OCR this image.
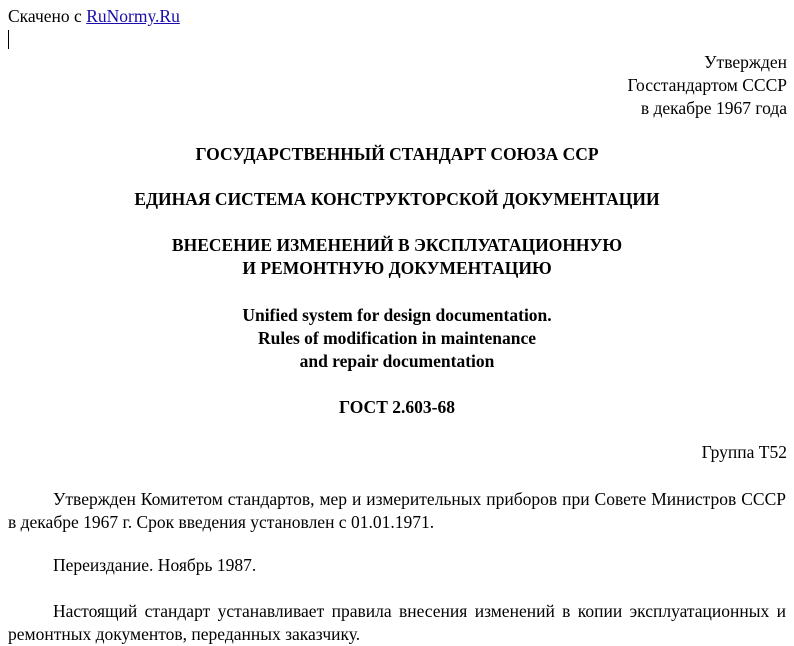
Скачено с RuNormy.Ru
Утвержден
Госстандартом СССР
в декабре 1967 года
ГОСУДАРСТВЕННЫЙ СТАНДАРТ СОЮЗА ССР
ЕДИНАЯ СИСТЕМА КОНСТРУКТОРСКОЙ ДОКУМЕНТАЦИИ
ВНЕСЕНИЕ ИЗМЕНЕНИЙ В ЭКСПЛУАТАЦИОННУЮ
И РЕМОНТНУЮ ДОКУМЕНТАЦИЮ
Unified system for design documentation.
Rules of modification in maintenance
and repair documentation
ГОСТ 2.603-68
Группа Т52
Утвержден Комитетом стандартов, мер и измерительных приборов при Совете Министров СССР в декабре 1967 г. Срок введения установлен с 01.01.1971.
Переиздание. Ноябрь 1987.
Настоящий стандарт устанавливает правила внесения изменений в копии эксплуатационных и ремонтных документов, переданных заказчику.
